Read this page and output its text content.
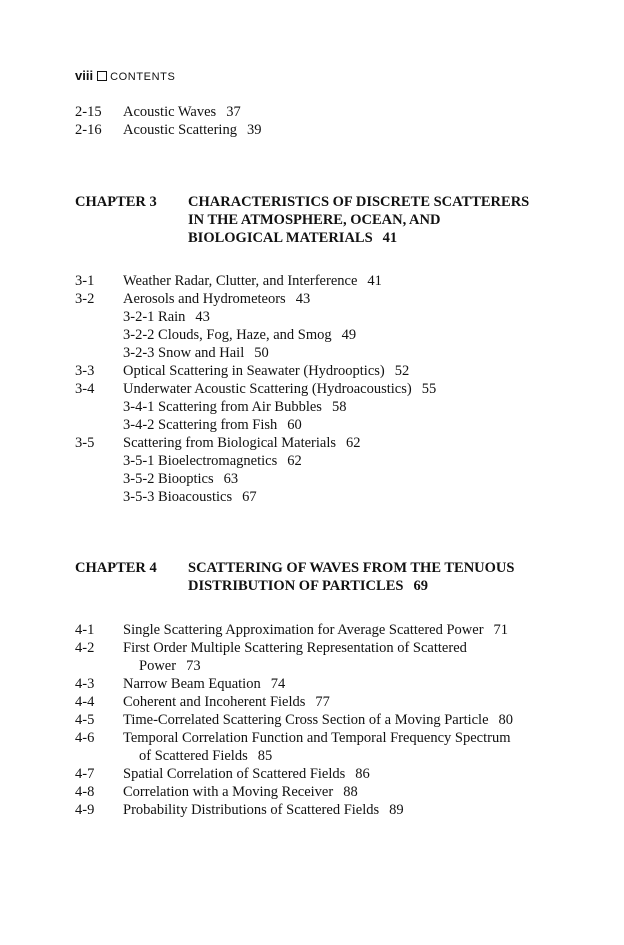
viii CONTENTS
2-15 Acoustic Waves 37
2-16 Acoustic Scattering 39
CHAPTER 3 CHARACTERISTICS OF DISCRETE SCATTERERS
IN THE ATMOSPHERE, OCEAN, AND
BIOLOGICAL MATERIALS 41
3-1 Weather Radar, Clutter, and Interference 41
3-2 Aerosols and Hydrometeors 43
3-2-1 Rain 43
3-2-2 Clouds, Fog, Haze, and Smog 49
3-2-3 Snow and Hail 50
3-3 Optical Scattering in Seawater (Hydrooptics) 52
3-4 Underwater Acoustic Scattering (Hydroacoustics) 55
3-4-1 Scattering from Air Bubbles 58
3-4-2 Scattering from Fish 60
3-5 Scattering from Biological Materials 62
3-5-1 Bioelectromagnetics 62
3-5-2 Biooptics 63
3-5-3 Bioacoustics 67
CHAPTER 4 SCATTERING OF WAVES FROM THE TENUOUS
DISTRIBUTION OF PARTICLES 69
4-1 Single Scattering Approximation for Average Scattered Power 71
4-2 First Order Multiple Scattering Representation of Scattered
Power 73
4-3 Narrow Beam Equation 74
4-4 Coherent and Incoherent Fields 77
4-5 Time-Correlated Scattering Cross Section of a Moving Particle 80
4-6 Temporal Correlation Function and Temporal Frequency Spectrum
of Scattered Fields 85
4-7 Spatial Correlation of Scattered Fields 86
4-8 Correlation with a Moving Receiver 88
4-9 Probability Distributions of Scattered Fields 89
